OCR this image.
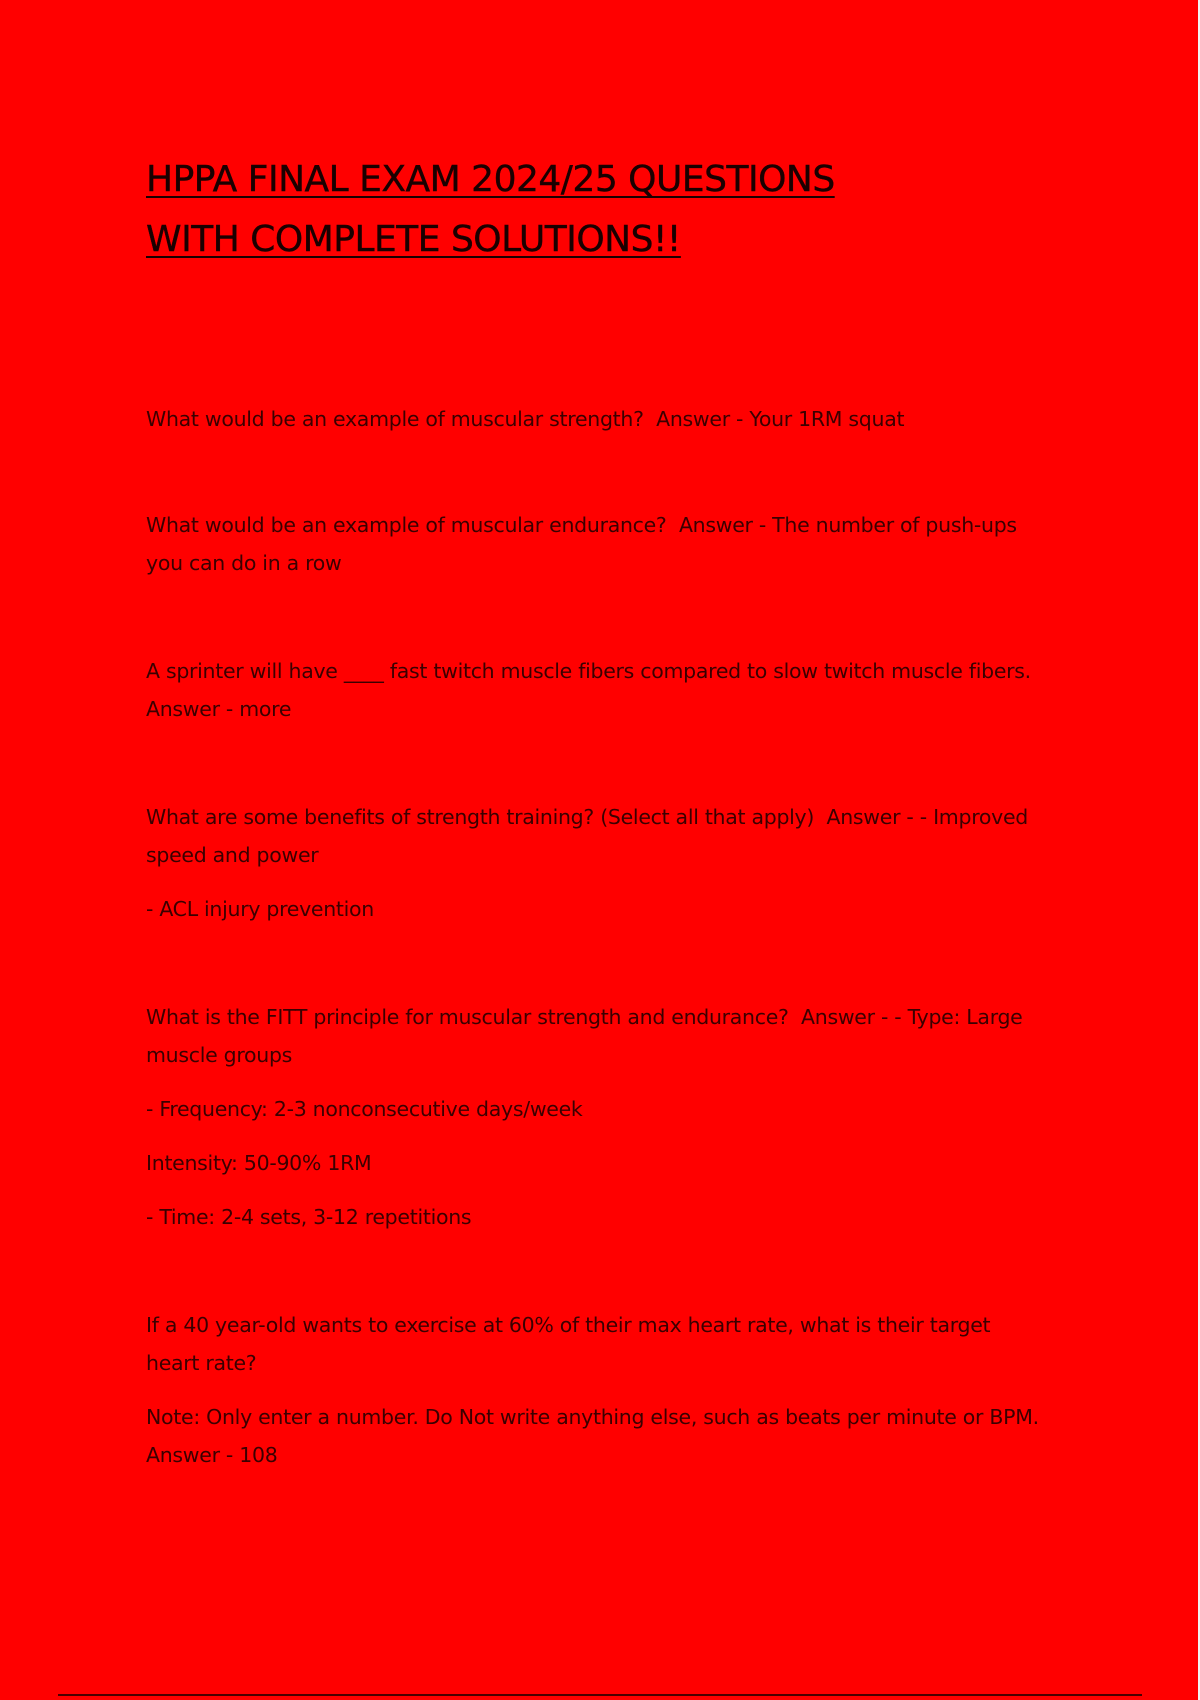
HPPA FINAL EXAM 2024/25 QUESTIONS
WITH COMPLETE SOLUTIONS!!

What would be an example of muscular strength?  Answer - Your 1RM squat

What would be an example of muscular endurance?  Answer - The number of push-ups you can do in a row

A sprinter will have ____ fast twitch muscle fibers compared to slow twitch muscle fibers.  Answer - more

What are some benefits of strength training? (Select all that apply)  Answer - - Improved speed and power

- ACL injury prevention

What is the FITT principle for muscular strength and endurance?  Answer - - Type: Large muscle groups

- Frequency: 2-3 nonconsecutive days/week

Intensity: 50-90% 1RM

- Time: 2-4 sets, 3-12 repetitions

If a 40 year-old wants to exercise at 60% of their max heart rate, what is their target heart rate?

Note: Only enter a number. Do Not write anything else, such as beats per minute or BPM.  Answer - 108
